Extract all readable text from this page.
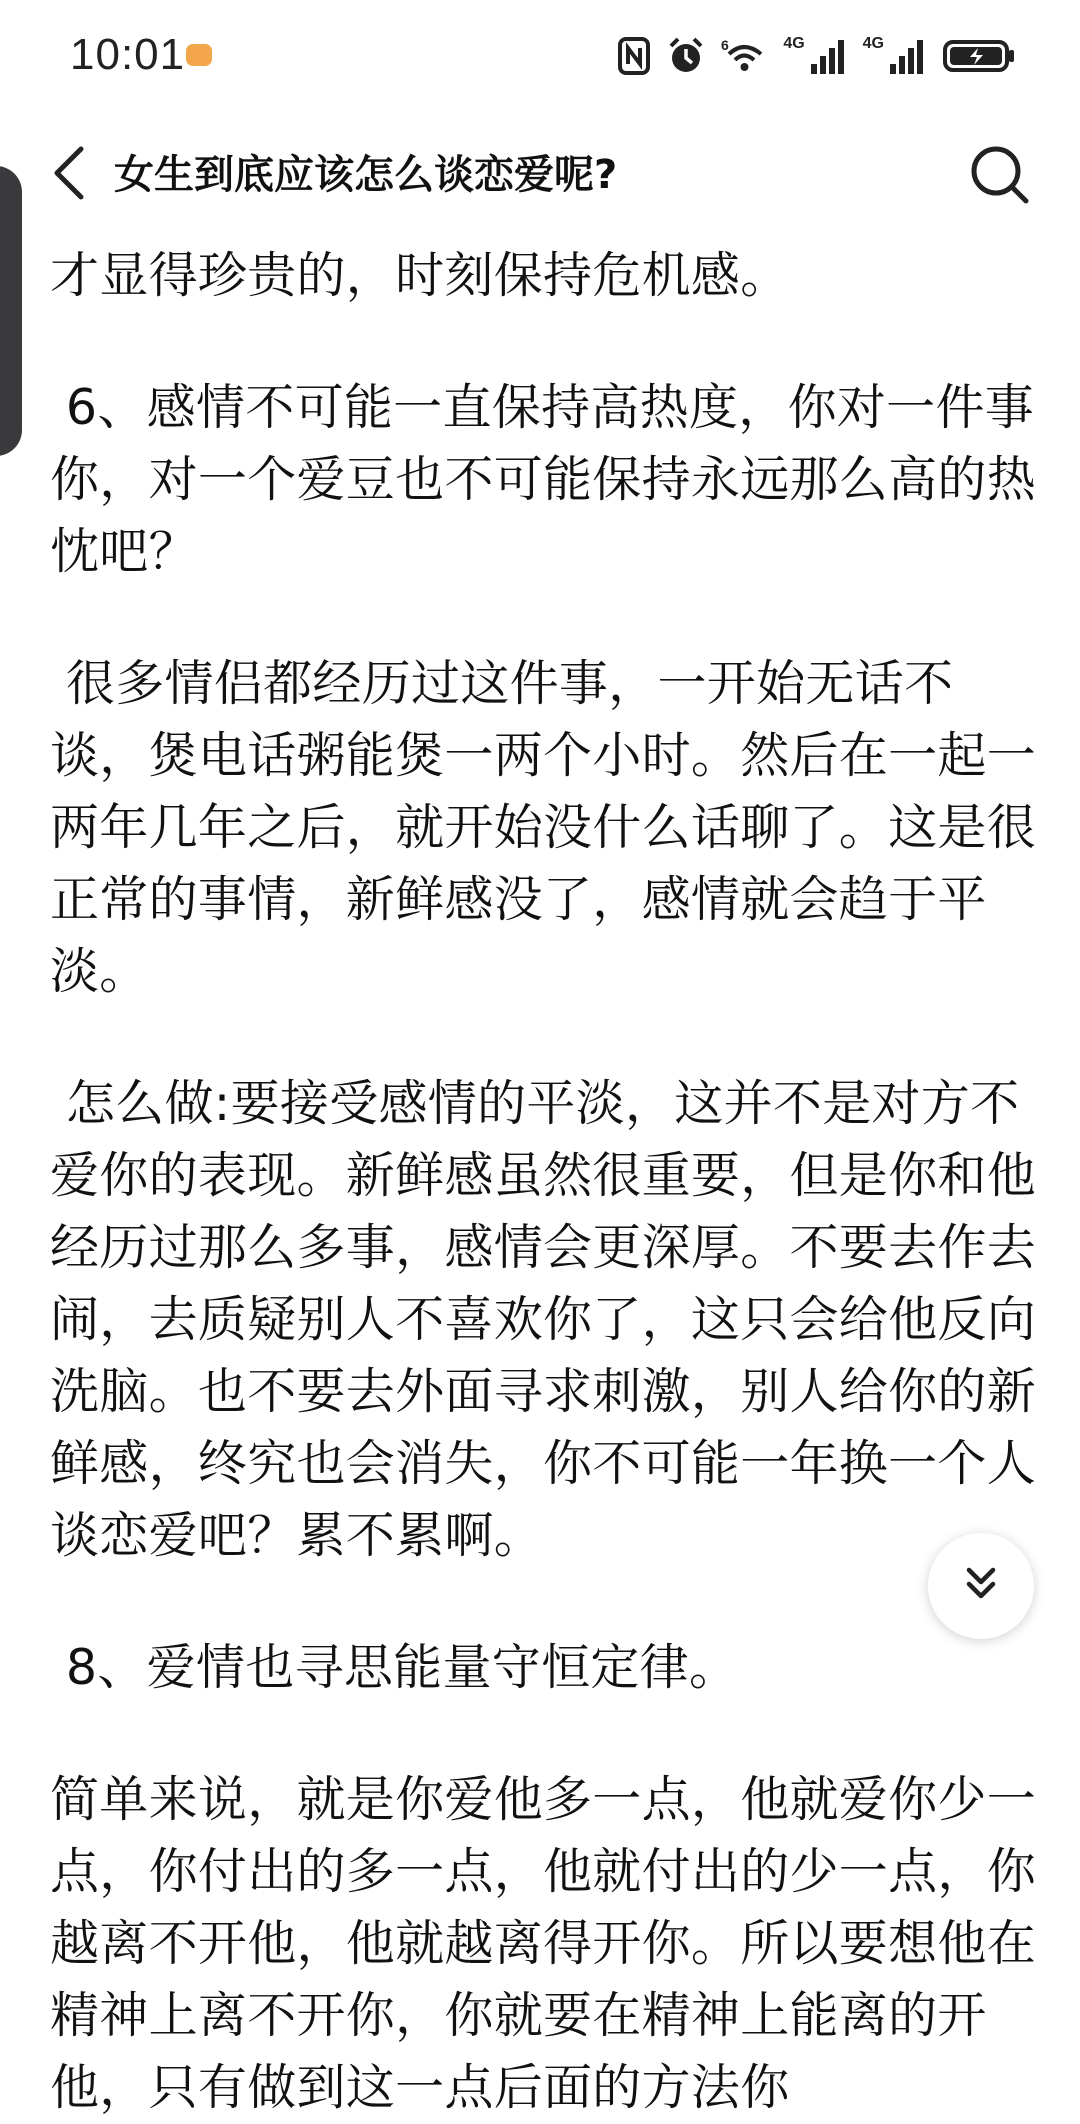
10:01	6	4G	4G
女生到底应该怎么谈恋爱呢?

才显得珍贵的，时刻保持危机感。

6、感情不可能一直保持高热度，你对一件事你，对一个爱豆也不可能保持永远那么高的热忱吧？

很多情侣都经历过这件事，一开始无话不谈，煲电话粥能煲一两个小时。然后在一起一两年几年之后，就开始没什么话聊了。这是很正常的事情，新鲜感没了，感情就会趋于平淡。

怎么做:要接受感情的平淡，这并不是对方不爱你的表现。新鲜感虽然很重要，但是你和他经历过那么多事，感情会更深厚。不要去作去闹，去质疑别人不喜欢你了，这只会给他反向洗脑。也不要去外面寻求刺激，别人给你的新鲜感，终究也会消失，你不可能一年换一个人谈恋爱吧？累不累啊。

8、爱情也寻思能量守恒定律。

简单来说，就是你爱他多一点，他就爱你少一点，你付出的多一点，他就付出的少一点，你越离不开他，他就越离得开你。所以要想他在精神上离不开你，你就要在精神上能离的开他，只有做到这一点后面的方法你
